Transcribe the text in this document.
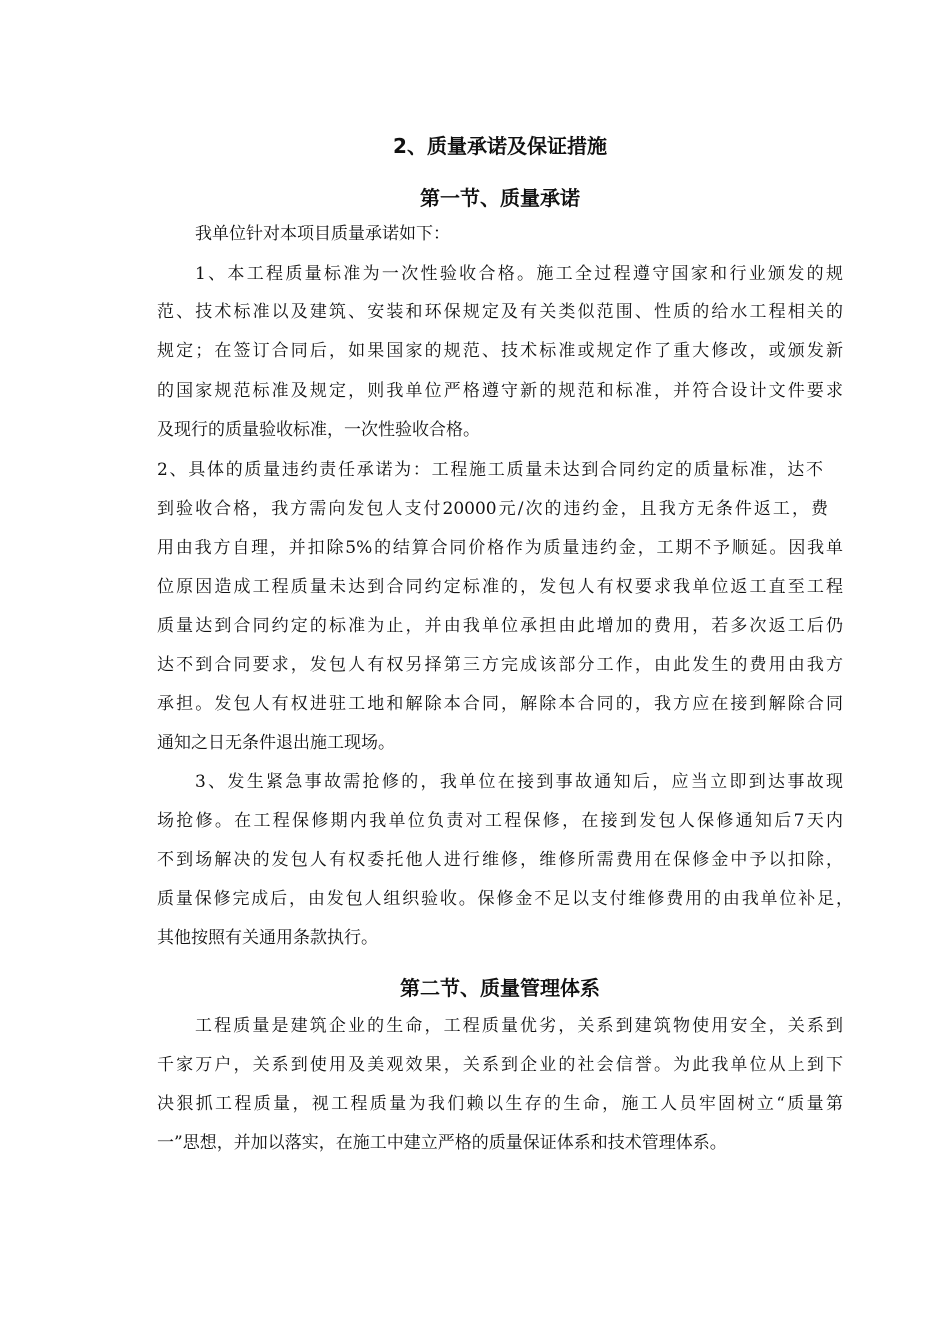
2、质量承诺及保证措施
第一节、质量承诺
我单位针对本项目质量承诺如下：
1、本工程质量标准为一次性验收合格。施工全过程遵守国家和行业颁发的规
范、技术标准以及建筑、安装和环保规定及有关类似范围、性质的给水工程相关的
规定；在签订合同后，如果国家的规范、技术标准或规定作了重大修改，或颁发新
的国家规范标准及规定，则我单位严格遵守新的规范和标准，并符合设计文件要求
及现行的质量验收标准，一次性验收合格。
2、具体的质量违约责任承诺为：工程施工质量未达到合同约定的质量标准，达不
到验收合格，我方需向发包人支付20000元/次的违约金，且我方无条件返工，费
用由我方自理，并扣除5%的结算合同价格作为质量违约金，工期不予顺延。因我单
位原因造成工程质量未达到合同约定标准的，发包人有权要求我单位返工直至工程
质量达到合同约定的标准为止，并由我单位承担由此增加的费用，若多次返工后仍
达不到合同要求，发包人有权另择第三方完成该部分工作，由此发生的费用由我方
承担。发包人有权进驻工地和解除本合同，解除本合同的，我方应在接到解除合同
通知之日无条件退出施工现场。
3、发生紧急事故需抢修的，我单位在接到事故通知后，应当立即到达事故现
场抢修。在工程保修期内我单位负责对工程保修，在接到发包人保修通知后7天内
不到场解决的发包人有权委托他人进行维修，维修所需费用在保修金中予以扣除，
质量保修完成后，由发包人组织验收。保修金不足以支付维修费用的由我单位补足，
其他按照有关通用条款执行。
第二节、质量管理体系
工程质量是建筑企业的生命，工程质量优劣，关系到建筑物使用安全，关系到
千家万户，关系到使用及美观效果，关系到企业的社会信誉。为此我单位从上到下
决狠抓工程质量，视工程质量为我们赖以生存的生命，施工人员牢固树立“质量第
一”思想，并加以落实，在施工中建立严格的质量保证体系和技术管理体系。
